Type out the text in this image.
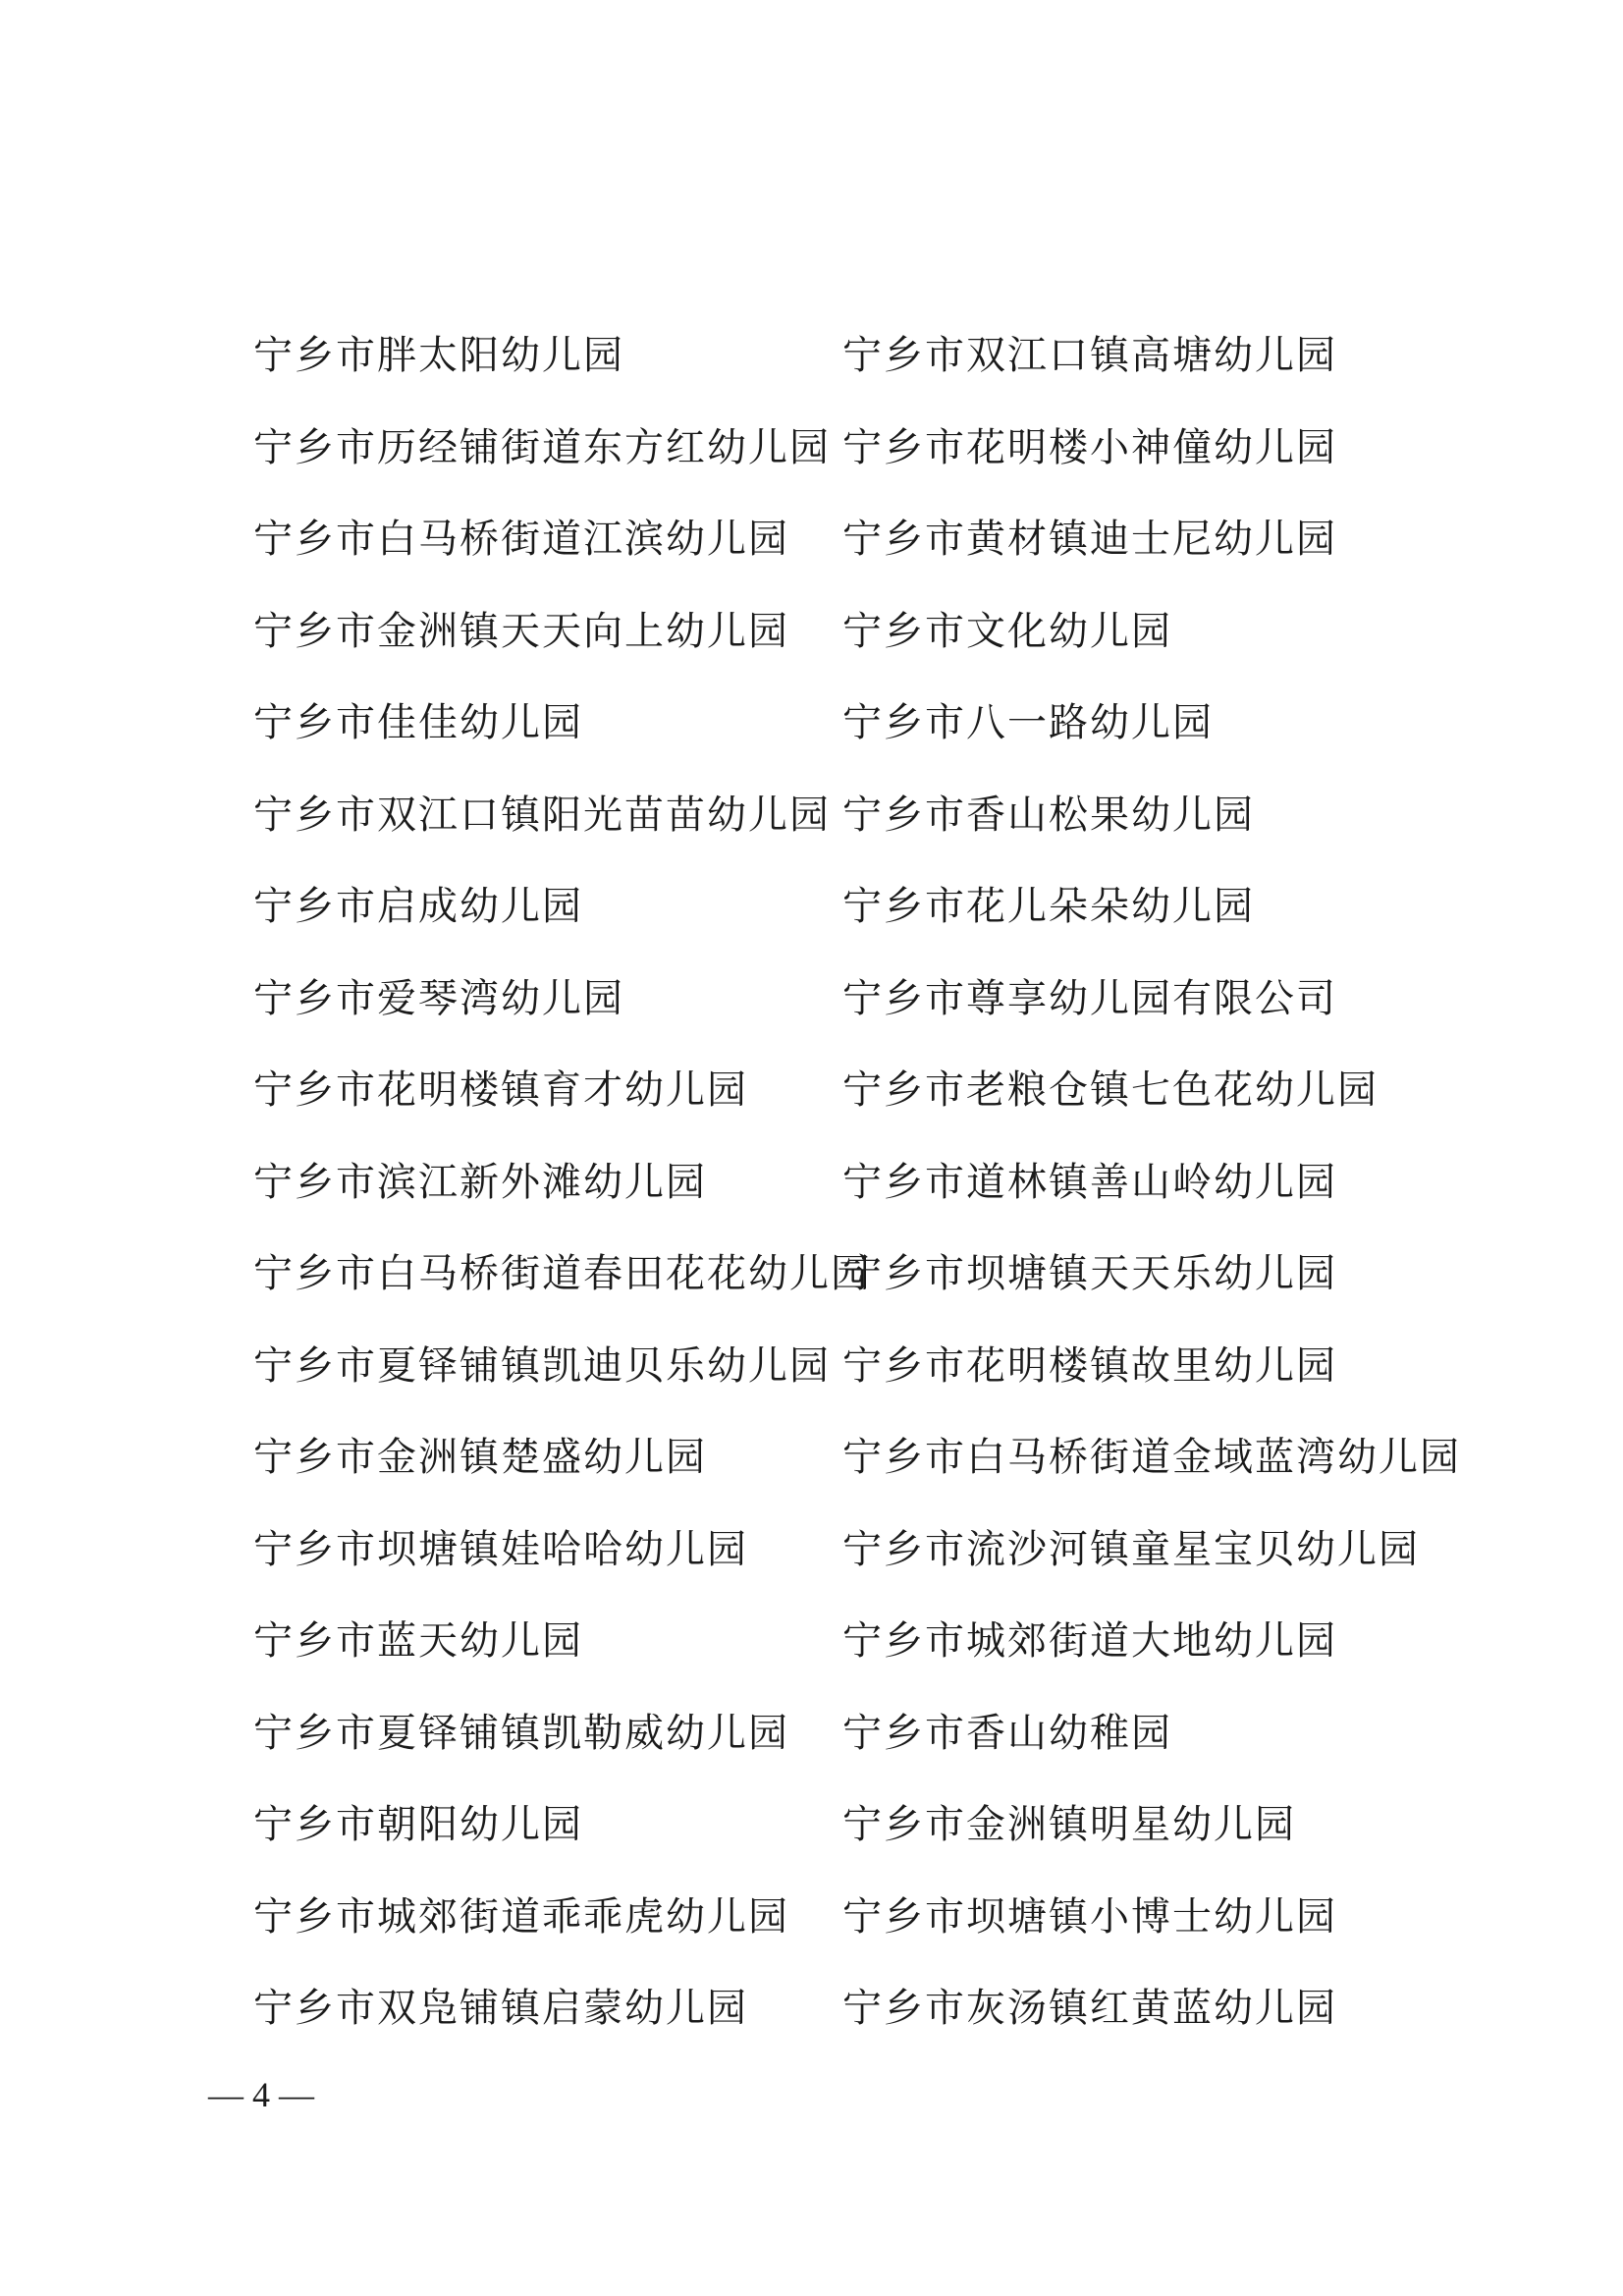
宁乡市胖太阳幼儿园
宁乡市历经铺街道东方红幼儿园
宁乡市白马桥街道江滨幼儿园
宁乡市金洲镇天天向上幼儿园
宁乡市佳佳幼儿园
宁乡市双江口镇阳光苗苗幼儿园
宁乡市启成幼儿园
宁乡市爱琴湾幼儿园
宁乡市花明楼镇育才幼儿园
宁乡市滨江新外滩幼儿园
宁乡市白马桥街道春田花花幼儿园
宁乡市夏铎铺镇凯迪贝乐幼儿园
宁乡市金洲镇楚盛幼儿园
宁乡市坝塘镇娃哈哈幼儿园
宁乡市蓝天幼儿园
宁乡市夏铎铺镇凯勒威幼儿园
宁乡市朝阳幼儿园
宁乡市城郊街道乖乖虎幼儿园
宁乡市双凫铺镇启蒙幼儿园
宁乡市双江口镇高塘幼儿园
宁乡市花明楼小神僮幼儿园
宁乡市黄材镇迪士尼幼儿园
宁乡市文化幼儿园
宁乡市八一路幼儿园
宁乡市香山松果幼儿园
宁乡市花儿朵朵幼儿园
宁乡市尊享幼儿园有限公司
宁乡市老粮仓镇七色花幼儿园
宁乡市道林镇善山岭幼儿园
宁乡市坝塘镇天天乐幼儿园
宁乡市花明楼镇故里幼儿园
宁乡市白马桥街道金域蓝湾幼儿园
宁乡市流沙河镇童星宝贝幼儿园
宁乡市城郊街道大地幼儿园
宁乡市香山幼稚园
宁乡市金洲镇明星幼儿园
宁乡市坝塘镇小博士幼儿园
宁乡市灰汤镇红黄蓝幼儿园
— 4 —
